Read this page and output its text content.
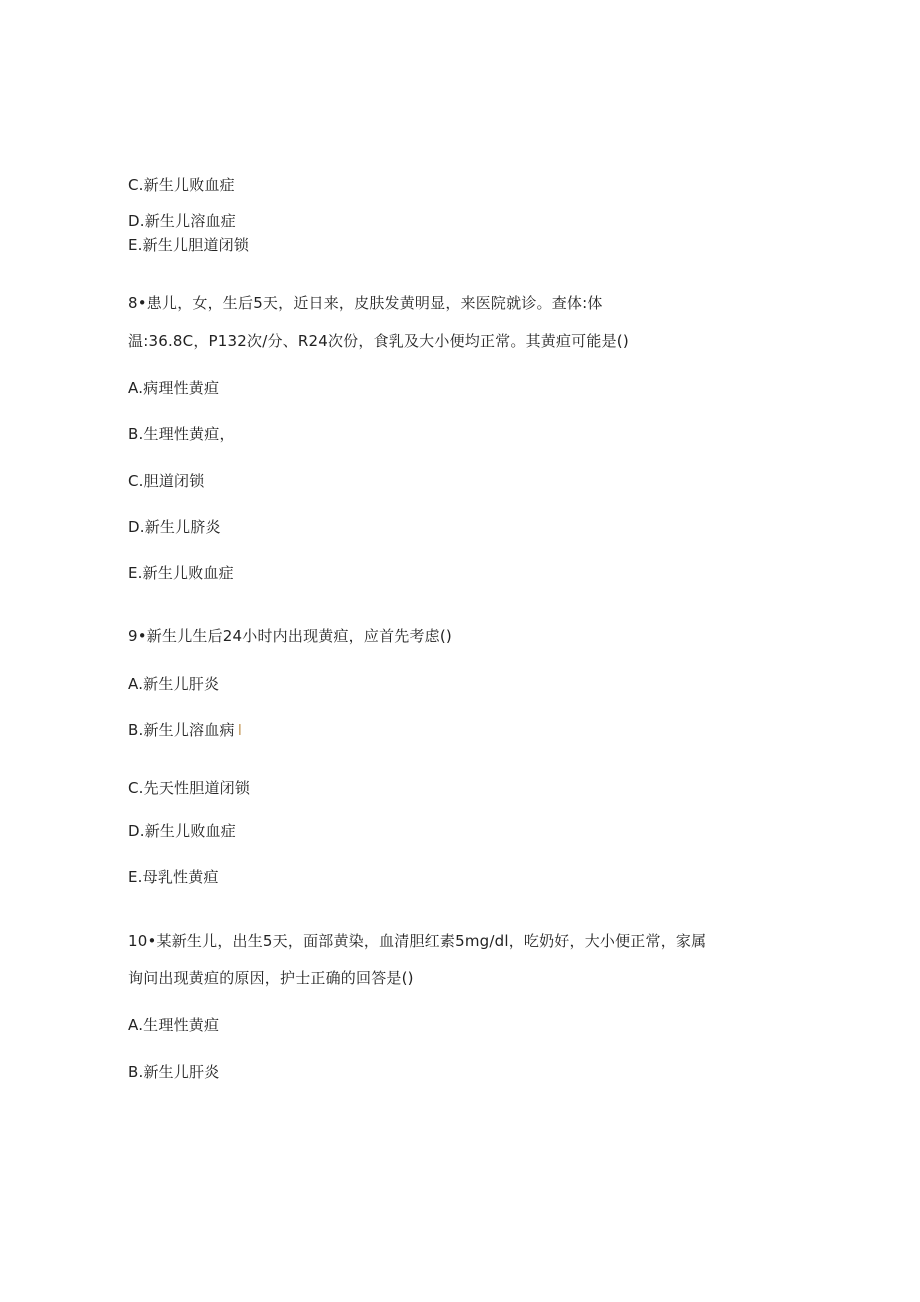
C.新生儿败血症
D.新生儿溶血症
E.新生儿胆道闭锁
8•患儿，女，生后5天，近日来，皮肤发黄明显，来医院就诊。查体:体
温:36.8C，P132次/分、R24次份，食乳及大小便均正常。其黄疸可能是()
A.病理性黄疸
B.生理性黄疸，
C.胆道闭锁
D.新生儿脐炎
E.新生儿败血症
9•新生儿生后24小时内出现黄疸，应首先考虑()
A.新生儿肝炎
B.新生儿溶血病 I
C.先天性胆道闭锁
D.新生儿败血症
E.母乳性黄疸
10•某新生儿，出生5天，面部黄染，血清胆红素5mg∕dl，吃奶好，大小便正常，家属
询问出现黄疸的原因，护士正确的回答是()
A.生理性黄疸
B.新生儿肝炎
